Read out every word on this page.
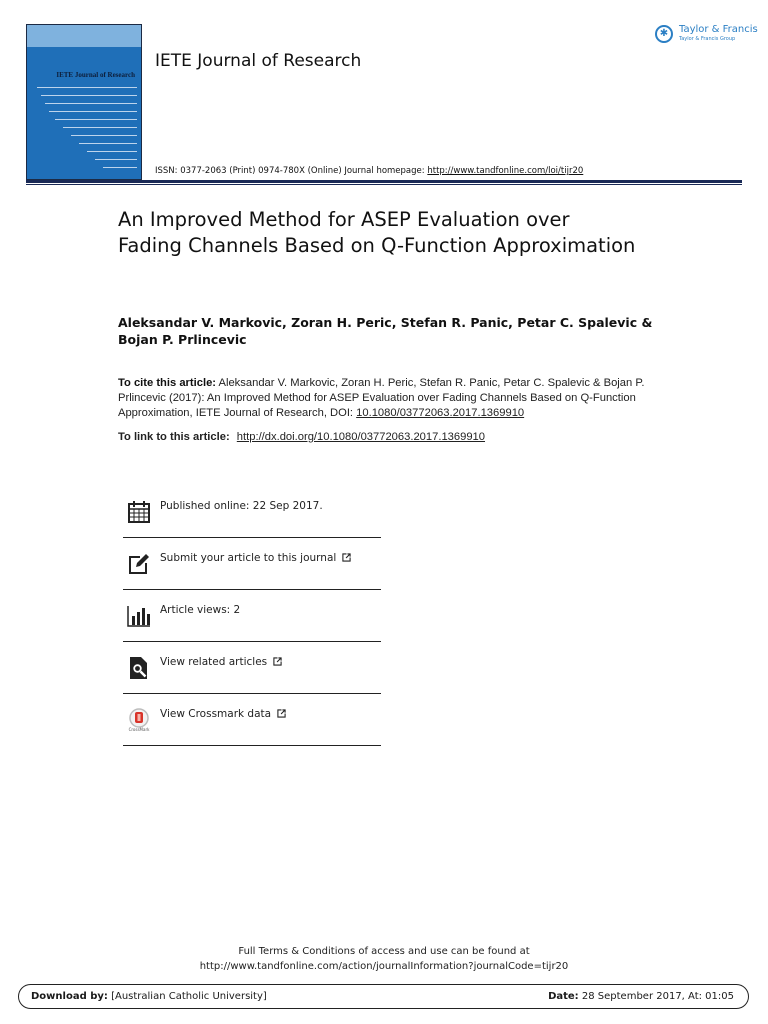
IETE Journal of Research
IETE Journal of Research
✱	Taylor & Francis
Taylor & Francis Group
ISSN: 0377-2063 (Print) 0974-780X (Online) Journal homepage: http://www.tandfonline.com/loi/tijr20
An Improved Method for ASEP Evaluation over Fading Channels Based on Q-Function Approximation

Aleksandar V. Markovic, Zoran H. Peric, Stefan R. Panic, Petar C. Spalevic & Bojan P. Prlincevic

To cite this article: Aleksandar V. Markovic, Zoran H. Peric, Stefan R. Panic, Petar C. Spalevic & Bojan P. Prlincevic (2017): An Improved Method for ASEP Evaluation over Fading Channels Based on Q-Function Approximation, IETE Journal of Research, DOI: 10.1080/03772063.2017.1369910

To link to this article: http://dx.doi.org/10.1080/03772063.2017.1369910
Published online: 22 Sep 2017.
Submit your article to this journal
Article views: 2
View related articles
CrossMark
View Crossmark data
Full Terms & Conditions of access and use can be found at
http://www.tandfonline.com/action/journalInformation?journalCode=tijr20
Download by: [Australian Catholic University]	Date: 28 September 2017, At: 01:05
